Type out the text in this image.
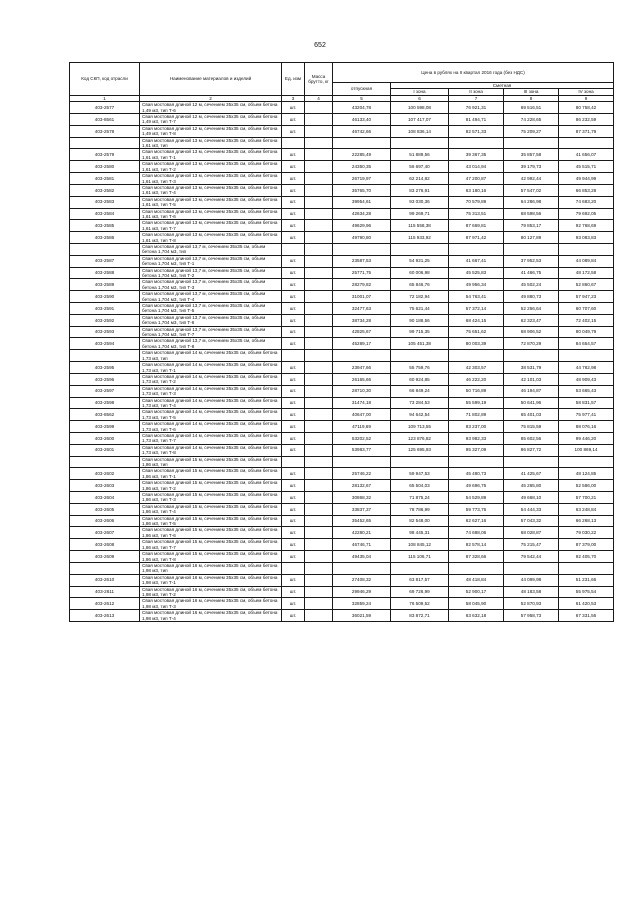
652
Код СКП, код отрасли	Наименование материалов и изделий	Ед. изм	Масса брутто, кг	Цена в рублях на II квартал 2016 года (без НДС)				
				отпускная	Сметная			
					I зона	II зона	III зона	IV зона
1	2	3	4	5	6	7	8	9
403-2577	Свая мостовая длиной 12 м, сечением 35х35 см, объем бетона 1,49 м3, тип Т-6	шт.		43204,78	100 598,08	76 921,31	69 516,51	80 758,42
403-8561	Свая мостовая длиной 12 м, сечением 35х35 см, объем бетона 1,49 м3, тип Т-7	шт.		46133,40	107 417,07	81 494,71	74 228,65	86 232,59
403-2578	Свая мостовая длиной 12 м, сечением 35х35 см, объем бетона 1,49 м3, тип Т-8	шт.		46742,66	108 836,14	82 571,33	75 209,27	87 371,79
	Свая мостовая длиной 13 м, сечением 35х35 см, объем бетона 1,61 м3, тип							
403-2579	Свая мостовая длиной 13 м, сечением 35х35 см, объем бетона 1,61 м3, тип Т-1	шт.		22285,49	51 889,56	39 367,35	35 857,58	41 656,07
403-2580	Свая мостовая длиной 13 м, сечением 35х35 см, объем бетона 1,61 м3, тип Т-2	шт.		24350,35	56 697,40	43 014,94	39 179,73	45 515,71
403-2581	Свая мостовая длиной 13 м, сечением 35х35 см, объем бетона 1,61 м3, тип Т-3	шт.		26719,97	62 214,82	47 200,87	42 992,44	49 944,99
403-2582	Свая мостовая длиной 13 м, сечением 35х35 см, объем бетона 1,61 м3, тип Т-4	шт.		35765,70	83 276,91	63 180,16	57 547,02	66 853,28
403-2583	Свая мостовая длиной 13 м, сечением 35х35 см, объем бетона 1,61 м3, тип Т-5	шт.		39954,61	93 030,36	70 579,89	64 286,98	74 683,20
403-2584	Свая мостовая длиной 13 м, сечением 35х35 см, объем бетона 1,61 м3, тип Т-6	шт.		42634,28	99 269,71	75 313,51	68 598,56	79 692,05
403-2585	Свая мостовая длиной 13 м, сечением 35х35 см, объем бетона 1,61 м3, тип Т-7	шт.		49629,96	115 558,38	87 669,81	79 853,17	92 768,69
403-2586	Свая мостовая длиной 13 м, сечением 35х35 см, объем бетона 1,61 м3, тип Т-8	шт.		49790,80	115 933,92	87 971,42	80 127,89	93 083,83
	Свая мостовая длиной 13,7 м, сечением 35х35 см, объем бетона 1,704 м3, тип							
403-2587	Свая мостовая длиной 13,7 м, сечением 35х35 см, объем бетона 1,704 м3, тип Т-1	шт.		23587,53	54 921,25	41 667,41	37 952,53	44 089,84
403-2588	Свая мостовая длиной 13,7 м, сечением 35х35 см, объем бетона 1,704 м3, тип Т-2	шт.		25771,75	60 006,98	45 525,83	41 466,75	48 172,58
403-2589	Свая мостовая длиной 13,7 м, сечением 35х35 см, объем бетона 1,704 м3, тип Т-3	шт.		28279,82	65 846,76	49 956,34	45 502,24	52 860,67
403-2590	Свая мостовая длиной 13,7 м, сечением 35х35 см, объем бетона 1,704 м3, тип Т-4	шт.		31001,07	72 182,94	54 763,41	49 880,73	57 947,23
403-2591	Свая мостовая длиной 13,7 м, сечением 35х35 см, объем бетона 1,704 м3, тип Т-5	шт.		32477,63	75 621,44	57 372,14	52 256,64	60 707,60
403-2592	Свая мостовая длиной 13,7 м, сечением 35х35 см, объем бетона 1,704 м3, тип Т-6	шт.		38734,28	90 188,56	68 424,15	62 323,47	72 402,15
403-2593	Свая мостовая длиной 13,7 м, сечением 35х35 см, объем бетона 1,704 м3, тип Т-7	шт.		42825,67	99 715,35	75 651,62	68 906,52	80 049,79
403-2594	Свая мостовая длиной 13,7 м, сечением 35х35 см, объем бетона 1,704 м3, тип Т-8	шт.		45289,17	105 451,38	80 003,39	72 870,29	84 654,57
	Свая мостовая длиной 14 м, сечением 35х35 см, объем бетона 1,73 м3, тип							
403-2595	Свая мостовая длиной 14 м, сечением 35х35 см, объем бетона 1,73 м3, тип Т-1	шт.		23947,66	55 759,76	42 303,57	38 531,79	44 762,98
403-2596	Свая мостовая длиной 14 м, сечением 35х35 см, объем бетона 1,73 м3, тип Т-2	шт.		26165,66	60 924,85	46 222,20	42 101,03	48 909,43
403-2597	Свая мостовая длиной 14 м, сечением 35х35 см, объем бетона 1,73 м3, тип Т-3	шт.		28710,30	66 849,24	50 716,89	46 194,87	53 665,43
403-2598	Свая мостовая длиной 14 м, сечением 35х35 см, объем бетона 1,73 м3, тип Т-4	шт.		31474,18	73 284,53	55 599,19	50 641,96	58 831,57
403-8562	Свая мостовая длиной 14 м, сечением 35х35 см, объем бетона 1,73 м3, тип Т-5	шт.		40647,00	94 642,54	71 802,89	65 401,03	75 977,41
403-2599	Свая мостовая длиной 14 м, сечением 35х35 см, объем бетона 1,73 м3, тип Т-6	шт.		47119,69	109 713,55	83 237,00	75 815,59	88 076,16
403-2600	Свая мостовая длиной 14 м, сечением 35х35 см, объем бетона 1,73 м3, тип Т-7	шт.		53202,52	123 876,82	93 982,33	85 602,56	99 446,20
403-2601	Свая мостовая длиной 14 м, сечением 35х35 см, объем бетона 1,73 м3, тип Т-8	шт.		53983,77	125 695,93	95 327,09	86 827,72	100 869,14
	Свая мостовая длиной 15 м, сечением 35х35 см, объем бетона 1,86 м3, тип							
403-2602	Свая мостовая длиной 15 м, сечением 35х35 см, объем бетона 1,86 м3, тип Т-1	шт.		25746,22	59 947,53	45 480,73	41 425,67	48 124,85
403-2603	Свая мостовая длиной 15 м, сечением 35х35 см, объем бетона 1,86 м3, тип Т-2	шт.		28132,67	65 504,03	49 696,75	45 265,80	52 586,00
403-2604	Свая мостовая длиной 15 м, сечением 35х35 см, объем бетона 1,86 м3, тип Т-3	шт.		30868,32	71 875,24	54 529,89	49 668,10	57 700,21
403-2605	Свая мостовая длиной 15 м, сечением 35х35 см, объем бетона 1,86 м3, тип Т-4	шт.		33837,37	78 786,99	59 773,76	54 444,33	63 248,84
403-2606	Свая мостовая длиной 15 м, сечением 35х35 см, объем бетона 1,86 м3, тип Т-5	шт.		35452,65	82 548,00	62 627,16	57 043,32	66 268,13
403-2607	Свая мостовая длиной 15 м, сечением 35х35 см, объем бетона 1,86 м3, тип Т-6	шт.		42280,21	98 445,31	74 688,06	68 028,87	79 030,22
403-2608	Свая мостовая длиной 15 м, сечением 35х35 см, объем бетона 1,86 м3, тип Т-7	шт.		46746,71	108 845,12	82 578,14	75 215,47	87 379,00
403-2609	Свая мостовая длиной 15 м, сечением 35х35 см, объем бетона 1,86 м3, тип Т-8	шт.		49435,04	115 106,71	87 328,66	79 542,44	92 405,70
	Свая мостовая длиной 16 м, сечением 35х35 см, объем бетона 1,98 м3, тип							
403-2610	Свая мостовая длиной 16 м, сечением 35х35 см, объем бетона 1,98 м3, тип Т-1	шт.		27408,32	63 817,57	48 418,84	44 099,98	51 231,66
403-2611	Свая мостовая длиной 16 м, сечением 35х35 см, объем бетона 1,98 м3, тип Т-2	шт.		29946,29	69 726,99	52 900,17	48 183,58	55 975,54
403-2612	Свая мостовая длиной 16 м, сечением 35х35 см, объем бетона 1,98 м3, тип Т-3	шт.		32859,24	76 509,52	58 045,90	52 870,93	61 420,53
403-2613	Свая мостовая длиной 16 м, сечением 35х35 см, объем бетона 1,98 м3, тип Т-4	шт.		36021,59	83 872,71	63 632,18	57 958,73	67 331,56
